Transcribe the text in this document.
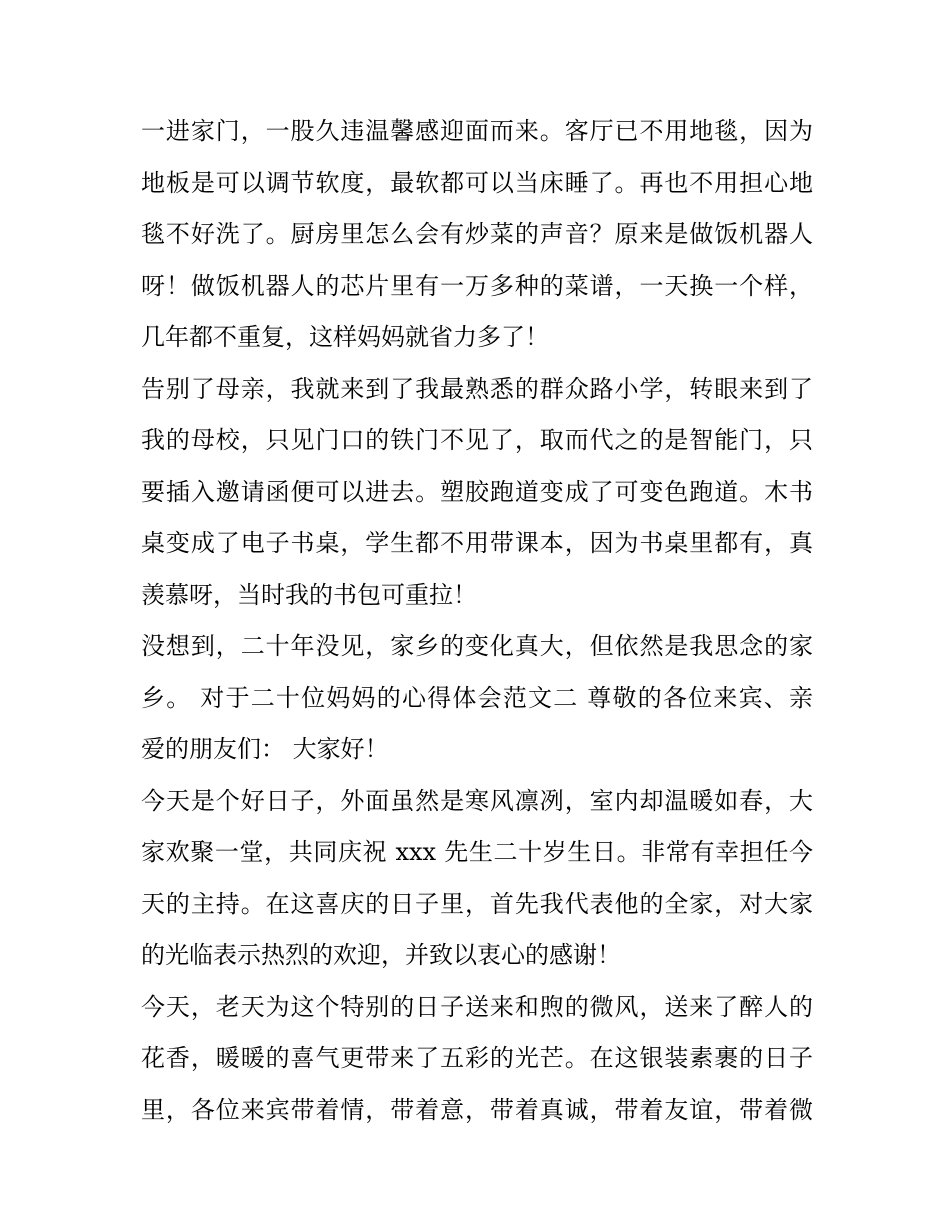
一进家门，一股久违温馨感迎面而来。客厅已不用地毯，因为
地板是可以调节软度，最软都可以当床睡了。再也不用担心地
毯不好洗了。厨房里怎么会有炒菜的声音？原来是做饭机器人
呀！做饭机器人的芯片里有一万多种的菜谱，一天换一个样，
几年都不重复，这样妈妈就省力多了！
告别了母亲，我就来到了我最熟悉的群众路小学，转眼来到了
我的母校，只见门口的铁门不见了，取而代之的是智能门，只
要插入邀请函便可以进去。塑胶跑道变成了可变色跑道。木书
桌变成了电子书桌，学生都不用带课本，因为书桌里都有，真
羡慕呀，当时我的书包可重拉！
没想到，二十年没见，家乡的变化真大，但依然是我思念的家
乡。 对于二十位妈妈的心得体会范文二 尊敬的各位来宾、亲
爱的朋友们： 大家好！
今天是个好日子，外面虽然是寒风凛冽，室内却温暖如春，大
家欢聚一堂，共同庆祝 xxx 先生二十岁生日。非常有幸担任今
天的主持。在这喜庆的日子里，首先我代表他的全家，对大家
的光临表示热烈的欢迎，并致以衷心的感谢！
今天，老天为这个特别的日子送来和煦的微风，送来了醉人的
花香，暖暖的喜气更带来了五彩的光芒。在这银装素裹的日子
里，各位来宾带着情，带着意，带着真诚，带着友谊，带着微
